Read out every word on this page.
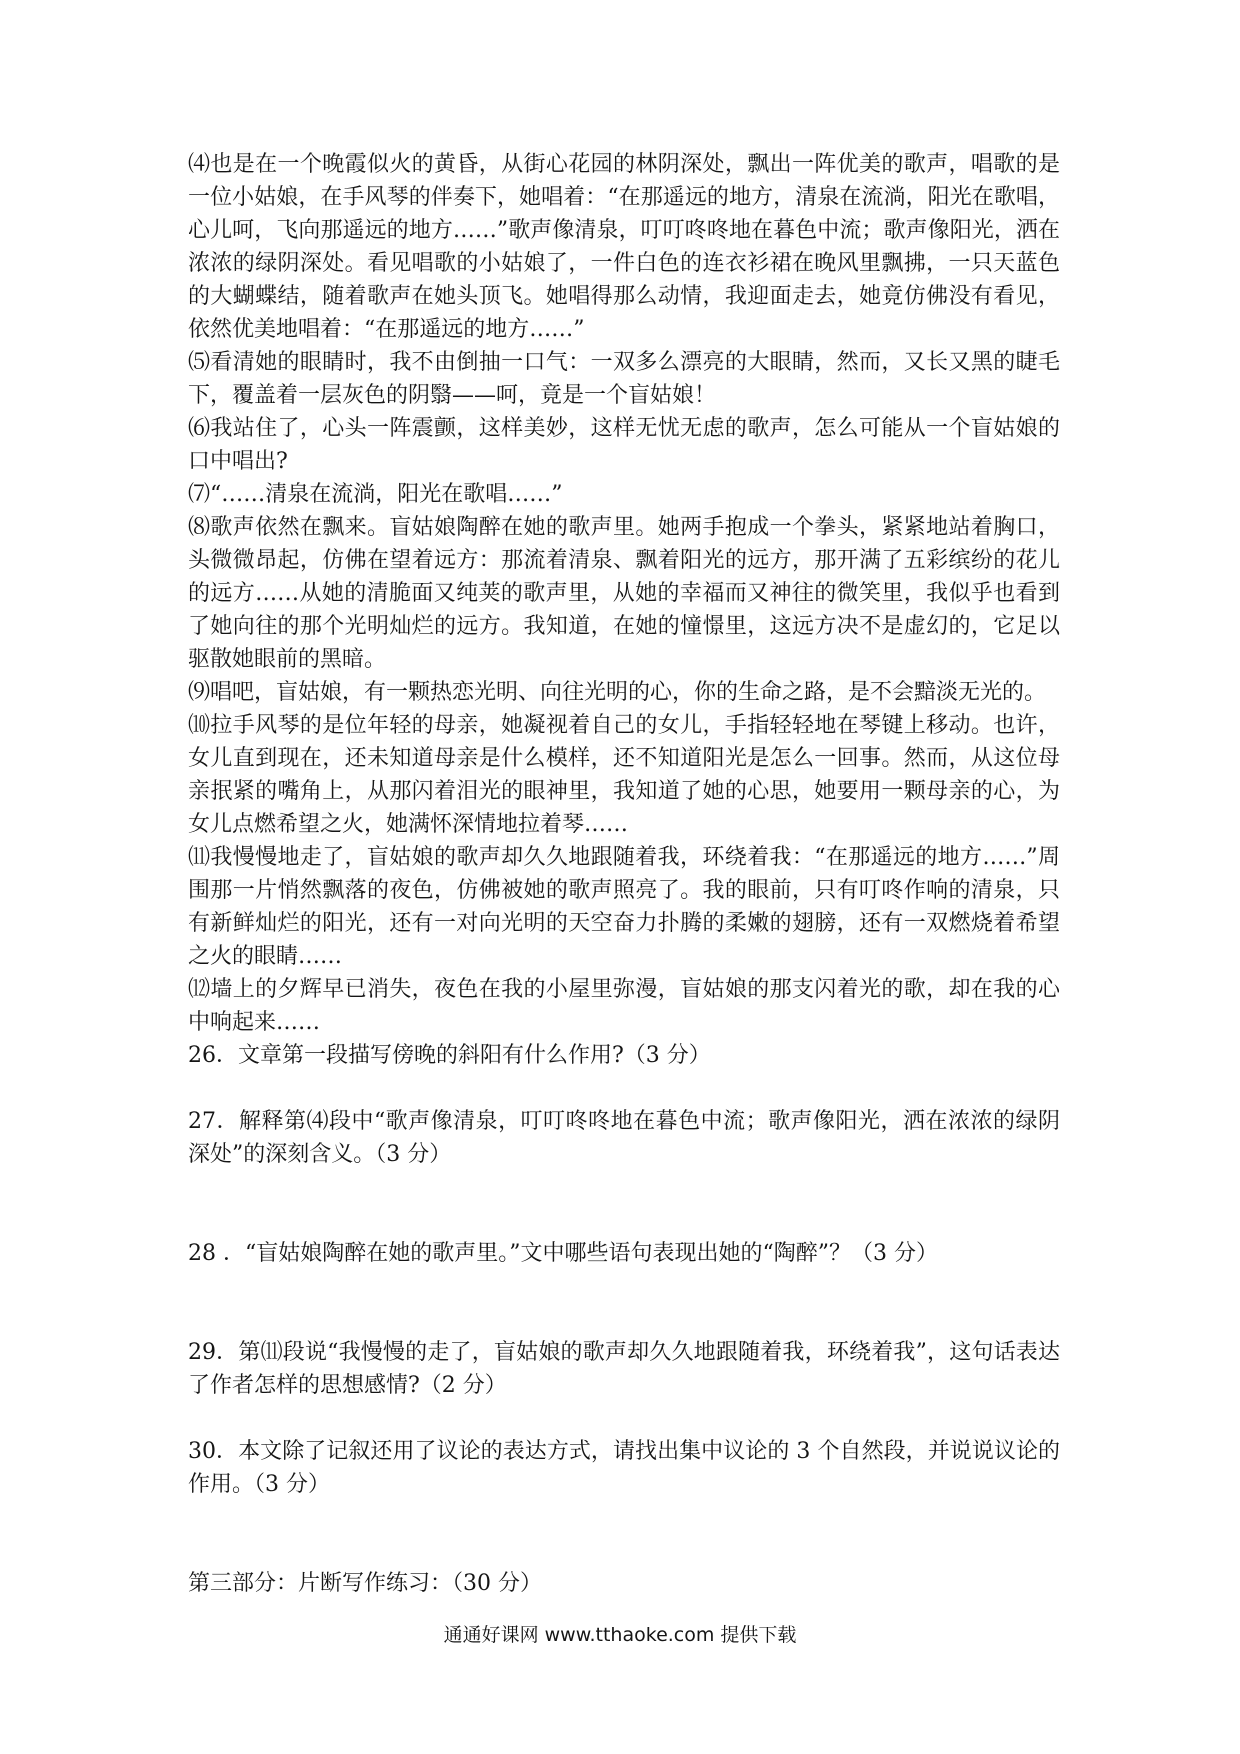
⑷也是在一个晚霞似火的黄昏，从街心花园的林阴深处，飘出一阵优美的歌声，唱歌的是一位小姑娘，在手风琴的伴奏下，她唱着：“在那遥远的地方，清泉在流淌，阳光在歌唱，心儿呵，飞向那遥远的地方……”歌声像清泉，叮叮咚咚地在暮色中流；歌声像阳光，洒在浓浓的绿阴深处。看见唱歌的小姑娘了，一件白色的连衣衫裙在晚风里飘拂，一只天蓝色的大蝴蝶结，随着歌声在她头顶飞。她唱得那么动情，我迎面走去，她竟仿佛没有看见，依然优美地唱着：“在那遥远的地方……”

⑸看清她的眼睛时，我不由倒抽一口气：一双多么漂亮的大眼睛，然而，又长又黑的睫毛下，覆盖着一层灰色的阴翳——呵，竟是一个盲姑娘！

⑹我站住了，心头一阵震颤，这样美妙，这样无忧无虑的歌声，怎么可能从一个盲姑娘的口中唱出?

⑺“……清泉在流淌，阳光在歌唱……”

⑻歌声依然在飘来。盲姑娘陶醉在她的歌声里。她两手抱成一个拳头，紧紧地站着胸口，头微微昂起，仿佛在望着远方：那流着清泉、飘着阳光的远方，那开满了五彩缤纷的花儿的远方……从她的清脆面又纯荚的歌声里，从她的幸福而又神往的微笑里，我似乎也看到了她向往的那个光明灿烂的远方。我知道，在她的憧憬里，这远方决不是虚幻的，它足以驱散她眼前的黑暗。

⑼唱吧，盲姑娘，有一颗热恋光明、向往光明的心，你的生命之路，是不会黯淡无光的。

⑽拉手风琴的是位年轻的母亲，她凝视着自己的女儿，手指轻轻地在琴键上移动。也许，女儿直到现在，还未知道母亲是什么模样，还不知道阳光是怎么一回事。然而，从这位母亲抿紧的嘴角上，从那闪着泪光的眼神里，我知道了她的心思，她要用一颗母亲的心，为女儿点燃希望之火，她满怀深情地拉着琴……

⑾我慢慢地走了，盲姑娘的歌声却久久地跟随着我，环绕着我：“在那遥远的地方……”周围那一片悄然飘落的夜色，仿佛被她的歌声照亮了。我的眼前，只有叮咚作响的清泉，只有新鲜灿烂的阳光，还有一对向光明的天空奋力扑腾的柔嫩的翅膀，还有一双燃烧着希望之火的眼睛……

⑿墙上的夕辉早已消失，夜色在我的小屋里弥漫，盲姑娘的那支闪着光的歌，却在我的心中响起来……

26．文章第一段描写傍晚的斜阳有什么作用?（3 分）

27．解释第⑷段中“歌声像清泉，叮叮咚咚地在暮色中流；歌声像阳光，洒在浓浓的绿阴深处”的深刻含义。（3 分）

28 ．“盲姑娘陶醉在她的歌声里。”文中哪些语句表现出她的“陶醉”？（3 分）

29．第⑾段说“我慢慢的走了，盲姑娘的歌声却久久地跟随着我，环绕着我”，这句话表达了作者怎样的思想感情?（2 分）

30．本文除了记叙还用了议论的表达方式，请找出集中议论的 3 个自然段，并说说议论的作用。（3 分）

第三部分：片断写作练习：（30 分）

通通好课网 www.tthaoke.com 提供下载
